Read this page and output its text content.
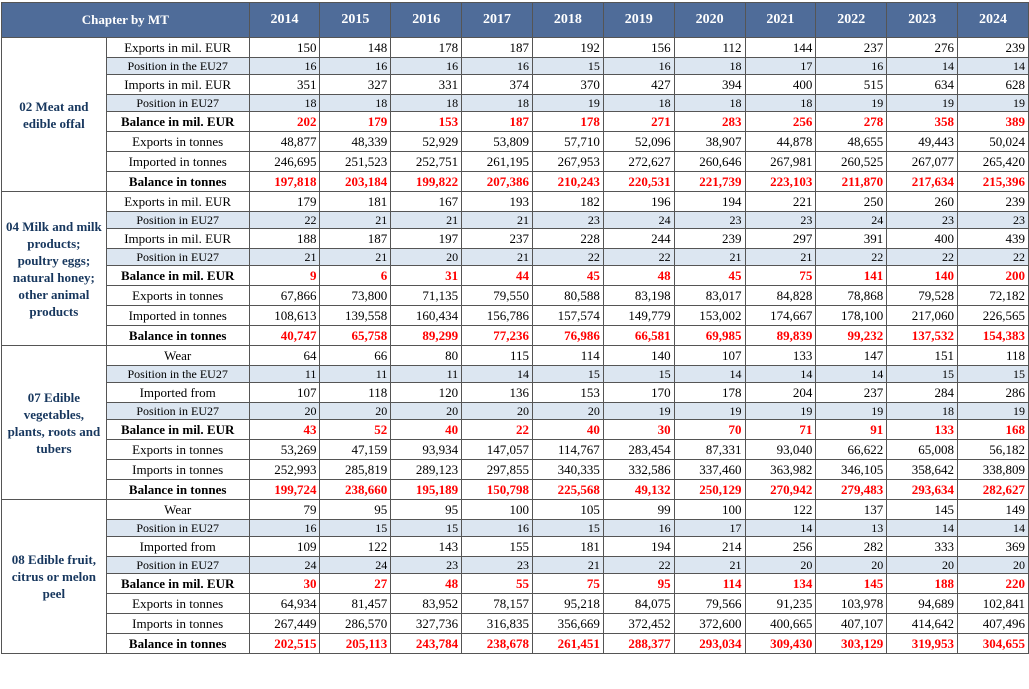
Chapter by MT		2014	2015	2016	2017	2018	2019	2020	2021	2022	2023	2024
02 Meat and edible offal	Exports in mil. EUR	150	148	178	187	192	156	112	144	237	276	239
	Position in the EU27	16	16	16	16	15	16	18	17	16	14	14
	Imports in mil. EUR	351	327	331	374	370	427	394	400	515	634	628
	Position in EU27	18	18	18	18	19	18	18	18	19	19	19
	Balance in mil. EUR	202	179	153	187	178	271	283	256	278	358	389
	Exports in tonnes	48,877	48,339	52,929	53,809	57,710	52,096	38,907	44,878	48,655	49,443	50,024
	Imported in tonnes	246,695	251,523	252,751	261,195	267,953	272,627	260,646	267,981	260,525	267,077	265,420
	Balance in tonnes	197,818	203,184	199,822	207,386	210,243	220,531	221,739	223,103	211,870	217,634	215,396
04 Milk and milk products; poultry eggs; natural honey; other animal products	Exports in mil. EUR	179	181	167	193	182	196	194	221	250	260	239
	Position in EU27	22	21	21	21	23	24	23	23	24	23	23
	Imports in mil. EUR	188	187	197	237	228	244	239	297	391	400	439
	Position in EU27	21	21	20	21	22	22	21	21	22	22	22
	Balance in mil. EUR	9	6	31	44	45	48	45	75	141	140	200
	Exports in tonnes	67,866	73,800	71,135	79,550	80,588	83,198	83,017	84,828	78,868	79,528	72,182
	Imported in tonnes	108,613	139,558	160,434	156,786	157,574	149,779	153,002	174,667	178,100	217,060	226,565
	Balance in tonnes	40,747	65,758	89,299	77,236	76,986	66,581	69,985	89,839	99,232	137,532	154,383
07 Edible vegetables, plants, roots and tubers	Wear	64	66	80	115	114	140	107	133	147	151	118
	Position in the EU27	11	11	11	14	15	15	14	14	14	15	15
	Imported from	107	118	120	136	153	170	178	204	237	284	286
	Position in EU27	20	20	20	20	20	19	19	19	19	18	19
	Balance in mil. EUR	43	52	40	22	40	30	70	71	91	133	168
	Exports in tonnes	53,269	47,159	93,934	147,057	114,767	283,454	87,331	93,040	66,622	65,008	56,182
	Imports in tonnes	252,993	285,819	289,123	297,855	340,335	332,586	337,460	363,982	346,105	358,642	338,809
	Balance in tonnes	199,724	238,660	195,189	150,798	225,568	49,132	250,129	270,942	279,483	293,634	282,627
08 Edible fruit, citrus or melon peel	Wear	79	95	95	100	105	99	100	122	137	145	149
	Position in EU27	16	15	15	16	15	16	17	14	13	14	14
	Imported from	109	122	143	155	181	194	214	256	282	333	369
	Position in EU27	24	24	23	23	21	22	21	20	20	20	20
	Balance in mil. EUR	30	27	48	55	75	95	114	134	145	188	220
	Exports in tonnes	64,934	81,457	83,952	78,157	95,218	84,075	79,566	91,235	103,978	94,689	102,841
	Imports in tonnes	267,449	286,570	327,736	316,835	356,669	372,452	372,600	400,665	407,107	414,642	407,496
	Balance in tonnes	202,515	205,113	243,784	238,678	261,451	288,377	293,034	309,430	303,129	319,953	304,655
